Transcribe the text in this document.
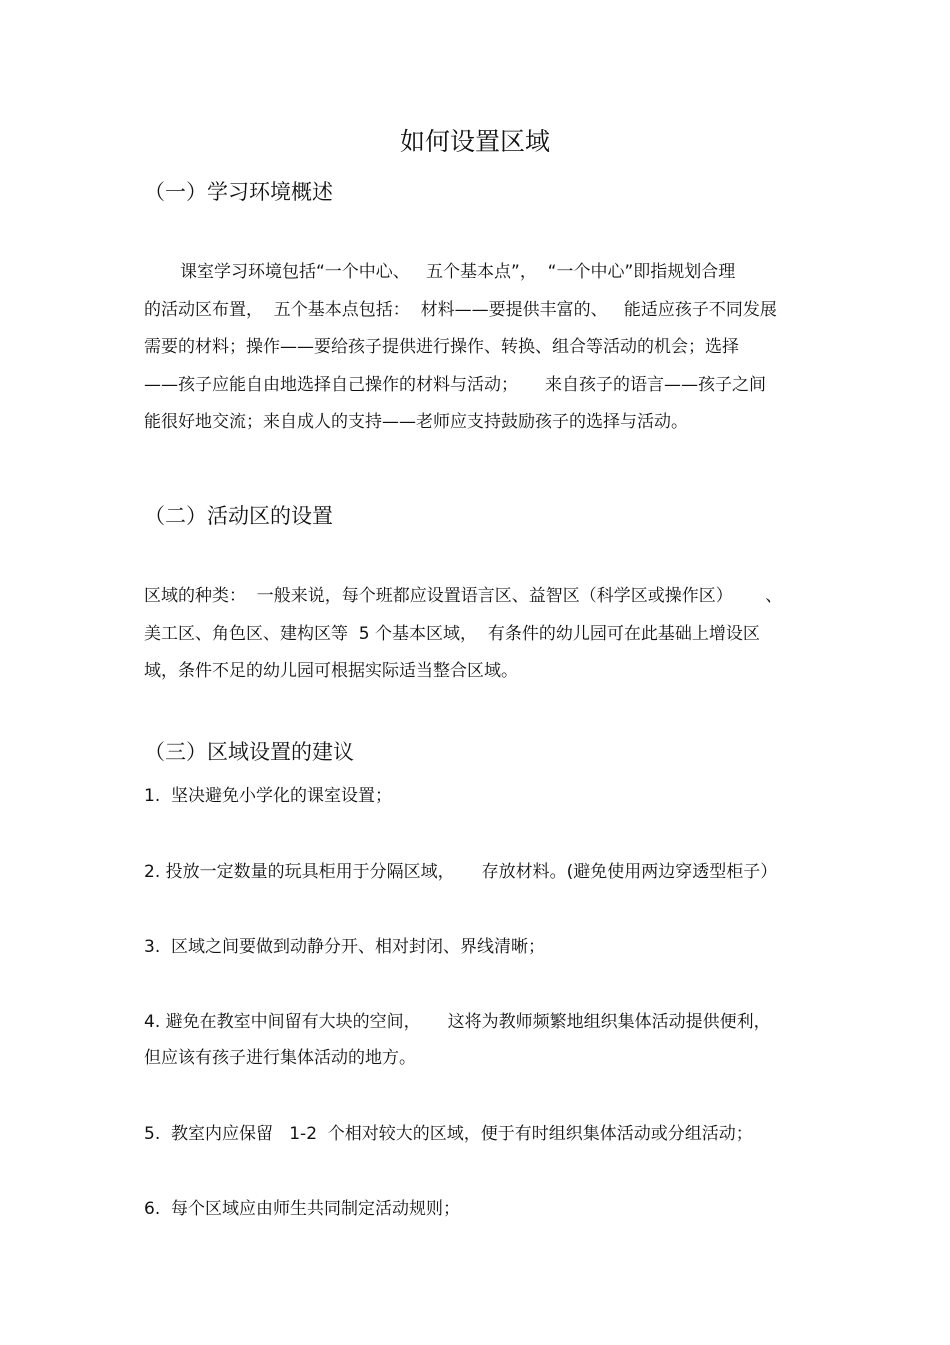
如何设置区域
（一）学习环境概述
课室学习环境包括“一个中心、   五个基本点”，  “一个中心”即指规划合理
的活动区布置，  五个基本点包括：  材料——要提供丰富的、   能适应孩子不同发展
需要的材料；操作——要给孩子提供进行操作、转换、组合等活动的机会；选择
——孩子应能自由地选择自己操作的材料与活动；     来自孩子的语言——孩子之间
能很好地交流；来自成人的支持——老师应支持鼓励孩子的选择与活动。
（二）活动区的设置
区域的种类：  一般来说，每个班都应设置语言区、益智区（科学区或操作区）      、
美工区、角色区、建构区等  5 个基本区域，  有条件的幼儿园可在此基础上增设区
域，条件不足的幼儿园可根据实际适当整合区域。
（三）区域设置的建议
1.  坚决避免小学化的课室设置；
2. 投放一定数量的玩具柜用于分隔区域，     存放材料。(避免使用两边穿透型柜子）
3.  区域之间要做到动静分开、相对封闭、界线清晰；
4. 避免在教室中间留有大块的空间，     这将为教师频繁地组织集体活动提供便利，
但应该有孩子进行集体活动的地方。
5.  教室内应保留   1-2  个相对较大的区域，便于有时组织集体活动或分组活动；
6.  每个区域应由师生共同制定活动规则；
